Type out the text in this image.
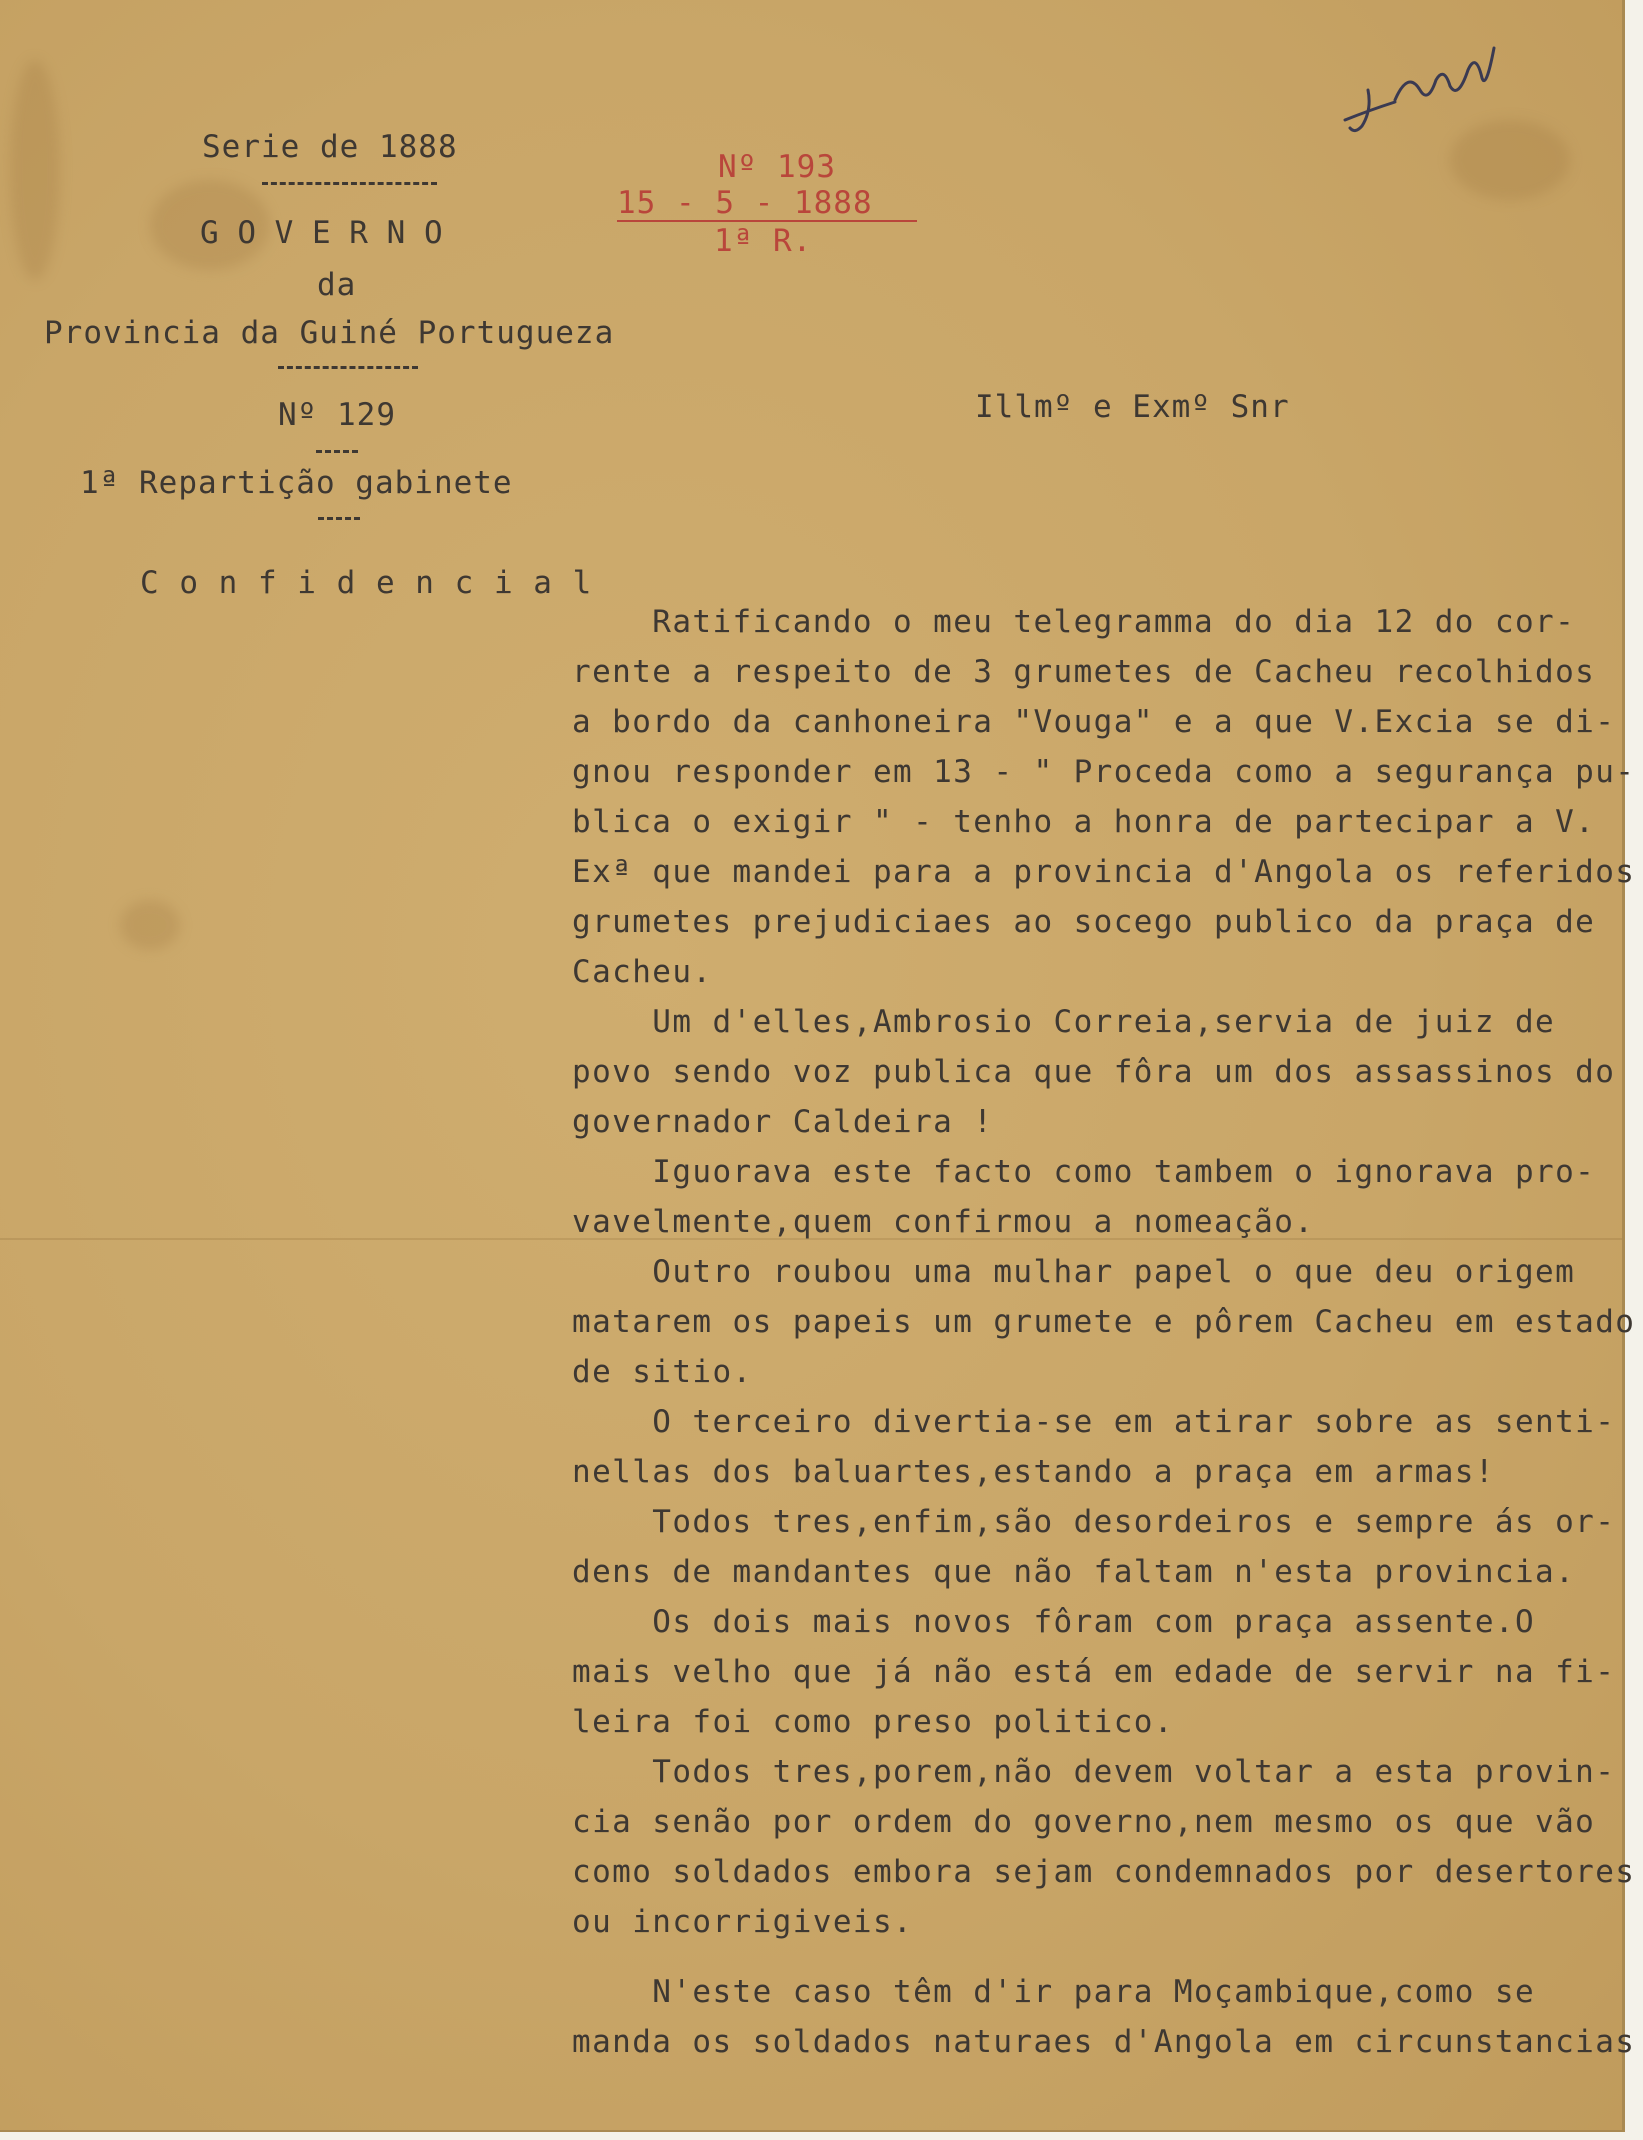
Serie de 1888
G O V E R N O
da
Provincia da Guiné Portugueza
Nº 129
1ª Repartição gabinete
C o n f i d e n c i a l
Nº 193
15 - 5 - 1888
1ª R.
Illmº e Exmº Snr
Ratificando o meu telegramma do dia 12 do cor-
rente a respeito de 3 grumetes de Cacheu recolhidos
a bordo da canhoneira "Vouga" e a que V.Excia se di-
gnou responder em 13 - " Proceda como a segurança pu-
blica o exigir " - tenho a honra de partecipar a V.
Exª que mandei para a provincia d'Angola os referidos
grumetes prejudiciaes ao socego publico da praça de
Cacheu.
Um d'elles,Ambrosio Correia,servia de juiz de
povo sendo voz publica que fôra um dos assassinos do
governador Caldeira !
Iguorava este facto como tambem o ignorava pro-
vavelmente,quem confirmou a nomeação.
Outro roubou uma mulhar papel o que deu origem
matarem os papeis um grumete e pôrem Cacheu em estado
de sitio.
O terceiro divertia-se em atirar sobre as senti-
nellas dos baluartes,estando a praça em armas!
Todos tres,enfim,são desordeiros e sempre ás or-
dens de mandantes que não faltam n'esta provincia.
Os dois mais novos fôram com praça assente.O
mais velho que já não está em edade de servir na fi-
leira foi como preso politico.
Todos tres,porem,não devem voltar a esta provin-
cia senão por ordem do governo,nem mesmo os que vão
como soldados embora sejam condemnados por desertores
ou incorrigiveis.
N'este caso têm d'ir para Moçambique,como se
manda os soldados naturaes d'Angola em circunstancias
